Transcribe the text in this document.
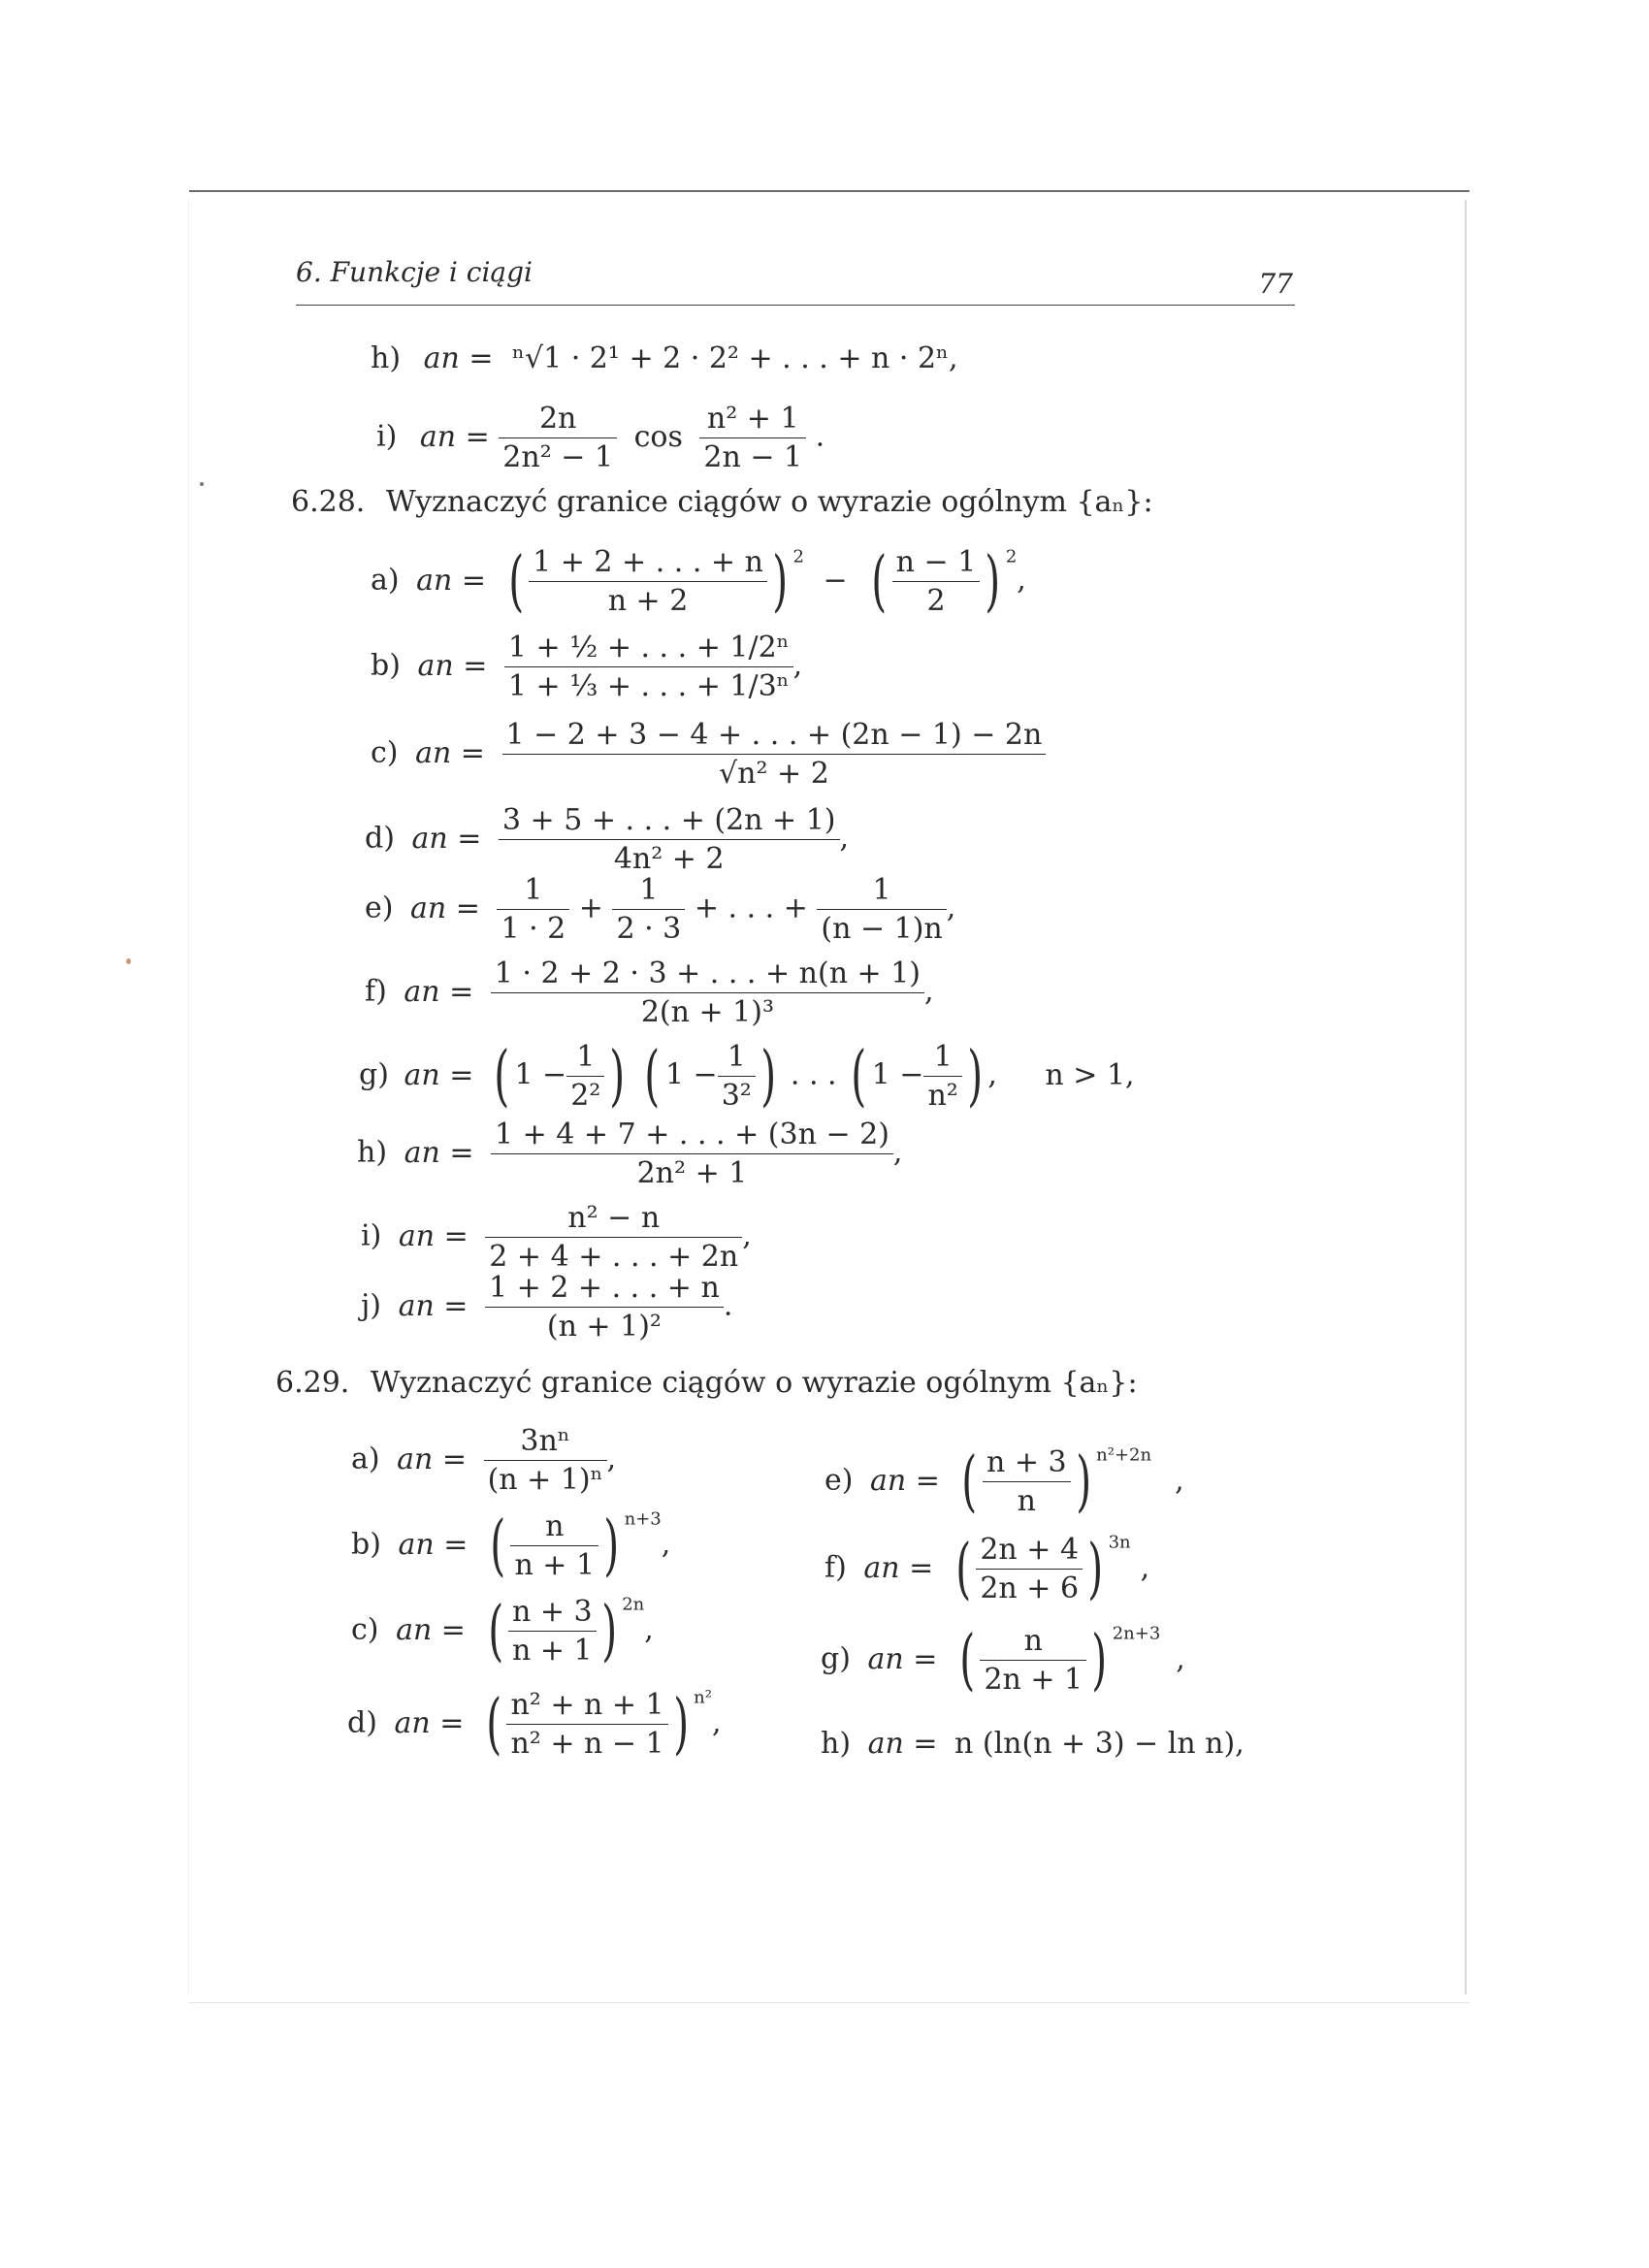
6. Funkcje i ciągi	77
h) an = ⁿ√1 · 2¹ + 2 · 2² + . . . + n · 2ⁿ,
i) an = $\frac{2n}{\text{2n² − 1}}$ $\cos \frac{\text{n² + 1}}{2n - 1}$ .
6.28. Wyznaczyć granice ciągów o wyrazie ogólnym {aₙ}:
a) an = ( $\frac{1 + 2 + . . . + n}{n + 2}$ ) $^2$ − ( $\frac{n - 1}{2}$ ) $^2$,
b) an = $\frac{\text{1 + ½ + . . . + 1/2ⁿ}}{\text{1 + ⅓ + . . . + 1/3ⁿ}}$ ,
c) an = $\frac{1 - 2 + 3 - 4 + . . . + (2n - 1) - 2n}{\text{√n² + 2}}$
d) an = $\frac{3 + 5 + . . . + (2n + 1)}{\text{4n² + 2}}$ ,
e) an = $\frac{1}{1 \cdot 2} + \frac{1}{2 \cdot 3}$ + . . . + $\frac{1}{(n - 1)n}$ ,
f) an = $\frac{1 \cdot 2 + 2 \cdot 3 + . . . + n(n + 1)}{\text{2(n + 1)³}}$ ,
g) an = ( $1 - \frac{1}{\text{2²}}$ ) ( $1 - \frac{1}{\text{3²}}$ ) . . . ( $1 - \frac{1}{\text{n²}}$ ) , n > 1,
h) an = $\frac{1 + 4 + 7 + . . . + (3n - 2)}{\text{2n² + 1}}$ ,
i) an = $\frac{\text{n² − n}}{2 + 4 + . . . + 2n}$ ,
j) an = $\frac{1 + 2 + . . . + n}{\text{(n + 1)²}}$ .
6.29. Wyznaczyć granice ciągów o wyrazie ogólnym {aₙ}:
a) an = $\frac{\text{3nⁿ}}{\text{(n + 1)ⁿ}}$ ,
b) an = ( $\frac{n}{n + 1}$ ) $^{n+3}$,
c) an = ( $\frac{n + 3}{n + 1}$ ) $^{2n}$,
d) an = ( $\frac{\text{n² + n + 1}}{\text{n² + n − 1}}$ ) $^{n^2}$,
e) an = ( $\frac{n + 3}{n}$ ) $^{n^2+2n}$,
f) an = ( $\frac{2n + 4}{2n + 6}$ ) $^{3n}$,
g) an = ( $\frac{n}{2n + 1}$ ) $^{2n+3}$,
h) an = n (ln(n + 3) − ln n),
